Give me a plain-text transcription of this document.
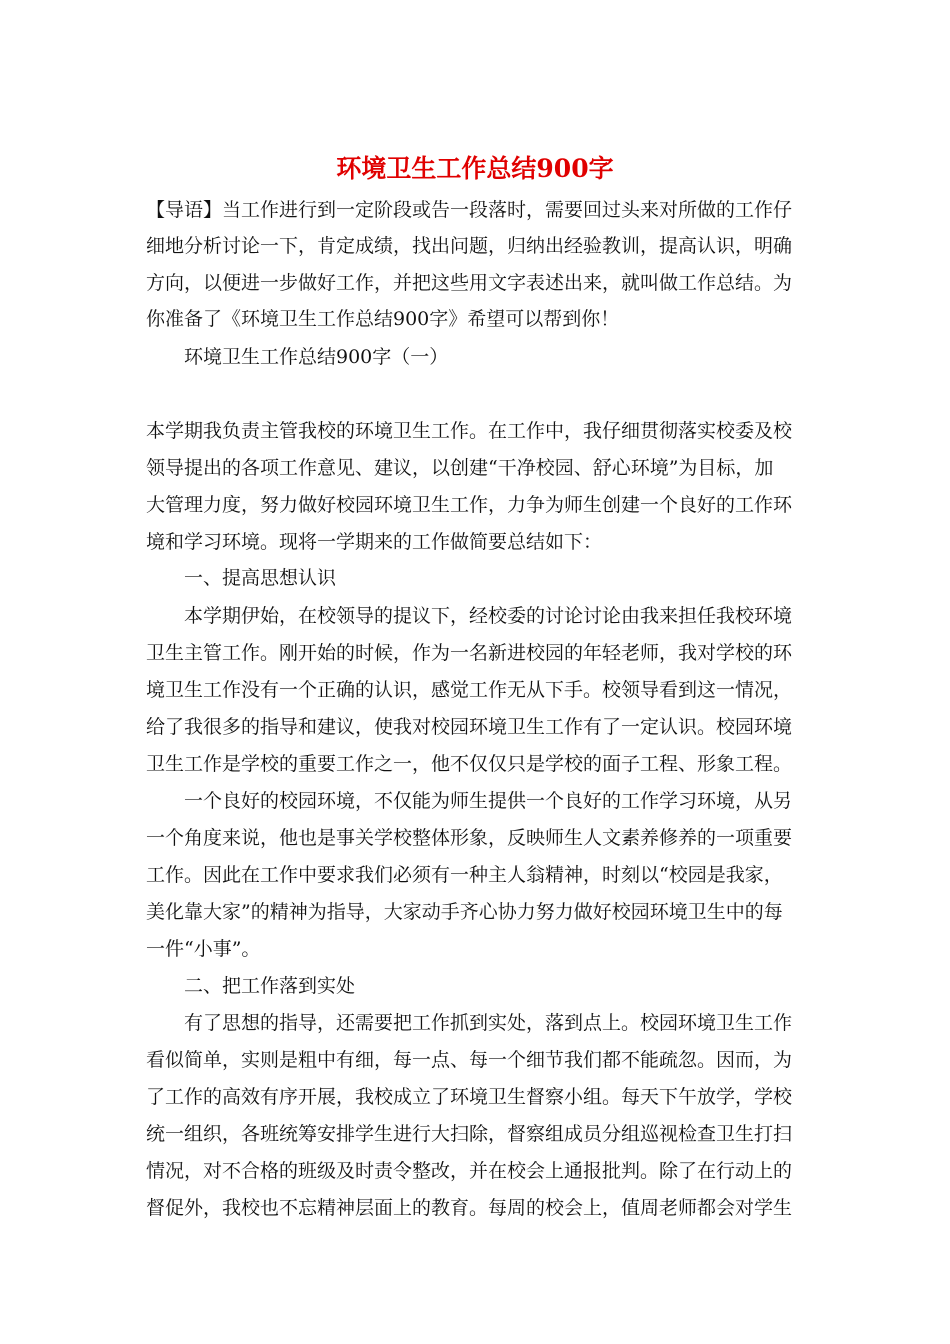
环境卫生工作总结900字
【导语】当工作进行到一定阶段或告一段落时，需要回过头来对所做的工作仔
细地分析讨论一下，肯定成绩，找出问题，归纳出经验教训，提高认识，明确
方向，以便进一步做好工作，并把这些用文字表述出来，就叫做工作总结。为
你准备了《环境卫生工作总结900字》希望可以帮到你！
　　环境卫生工作总结900字（一）
本学期我负责主管我校的环境卫生工作。在工作中，我仔细贯彻落实校委及校
领导提出的各项工作意见、建议，以创建“干净校园、舒心环境”为目标，加
大管理力度，努力做好校园环境卫生工作，力争为师生创建一个良好的工作环
境和学习环境。现将一学期来的工作做简要总结如下：
　　一、提高思想认识
　　本学期伊始，在校领导的提议下，经校委的讨论讨论由我来担任我校环境
卫生主管工作。刚开始的时候，作为一名新进校园的年轻老师，我对学校的环
境卫生工作没有一个正确的认识，感觉工作无从下手。校领导看到这一情况，
给了我很多的指导和建议，使我对校园环境卫生工作有了一定认识。校园环境
卫生工作是学校的重要工作之一，他不仅仅只是学校的面子工程、形象工程。
　　一个良好的校园环境，不仅能为师生提供一个良好的工作学习环境，从另
一个角度来说，他也是事关学校整体形象，反映师生人文素养修养的一项重要
工作。因此在工作中要求我们必须有一种主人翁精神，时刻以“校园是我家，
美化靠大家”的精神为指导，大家动手齐心协力努力做好校园环境卫生中的每
一件“小事”。
　　二、把工作落到实处
　　有了思想的指导，还需要把工作抓到实处，落到点上。校园环境卫生工作
看似简单，实则是粗中有细，每一点、每一个细节我们都不能疏忽。因而，为
了工作的高效有序开展，我校成立了环境卫生督察小组。每天下午放学，学校
统一组织，各班统筹安排学生进行大扫除，督察组成员分组巡视检查卫生打扫
情况，对不合格的班级及时责令整改，并在校会上通报批判。除了在行动上的
督促外，我校也不忘精神层面上的教育。每周的校会上，值周老师都会对学生
